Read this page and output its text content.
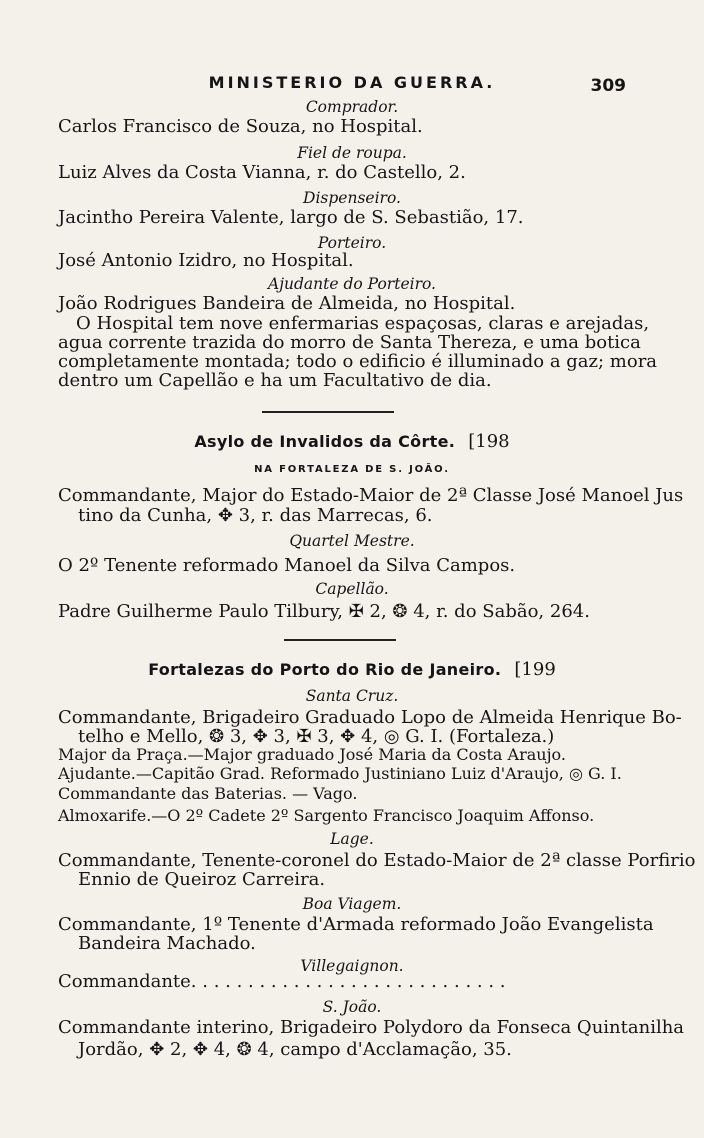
MINISTERIO DA GUERRA.	309
Comprador.
Carlos Francisco de Souza, no Hospital.
Fiel de roupa.
Luiz Alves da Costa Vianna, r. do Castello, 2.
Dispenseiro.
Jacintho Pereira Valente, largo de S. Sebastião, 17.
Porteiro.
José Antonio Izidro, no Hospital.
Ajudante do Porteiro.
João Rodrigues Bandeira de Almeida, no Hospital.
O Hospital tem nove enfermarias espaçosas, claras e arejadas,
agua corrente trazida do morro de Santa Thereza, e uma botica
completamente montada; todo o edificio é illuminado a gaz; mora
dentro um Capellão e ha um Facultativo de dia.
Asylo de Invalidos da Côrte. [198
NA FORTALEZA DE S. JOÃO.
Commandante, Major do Estado-Maior de 2ª Classe José Manoel Jus
tino da Cunha, ✥ 3, r. das Marrecas, 6.
Quartel Mestre.
O 2º Tenente reformado Manoel da Silva Campos.
Capellão.
Padre Guilherme Paulo Tilbury, ✠ 2, ❂ 4, r. do Sabão, 264.
Fortalezas do Porto do Rio de Janeiro. [199
Santa Cruz.
Commandante, Brigadeiro Graduado Lopo de Almeida Henrique Bo-
telho e Mello, ❂ 3, ✥ 3, ✠ 3, ✥ 4, ◎ G. I. (Fortaleza.)
Major da Praça.—Major graduado José Maria da Costa Araujo.
Ajudante.—Capitão Grad. Reformado Justiniano Luiz d'Araujo, ◎ G. I.
Commandante das Baterias. — Vago.
Almoxarife.—O 2º Cadete 2º Sargento Francisco Joaquim Affonso.
Lage.
Commandante, Tenente-coronel do Estado-Maior de 2ª classe Porfirio
Ennio de Queiroz Carreira.
Boa Viagem.
Commandante, 1º Tenente d'Armada reformado João Evangelista
Bandeira Machado.
Villegaignon.
Commandante. . . . . . . . . . . . . . . . . . . . . . . . . . . .
S. João.
Commandante interino, Brigadeiro Polydoro da Fonseca Quintanilha
Jordão, ✥ 2, ✥ 4, ❂ 4, campo d'Acclamação, 35.
